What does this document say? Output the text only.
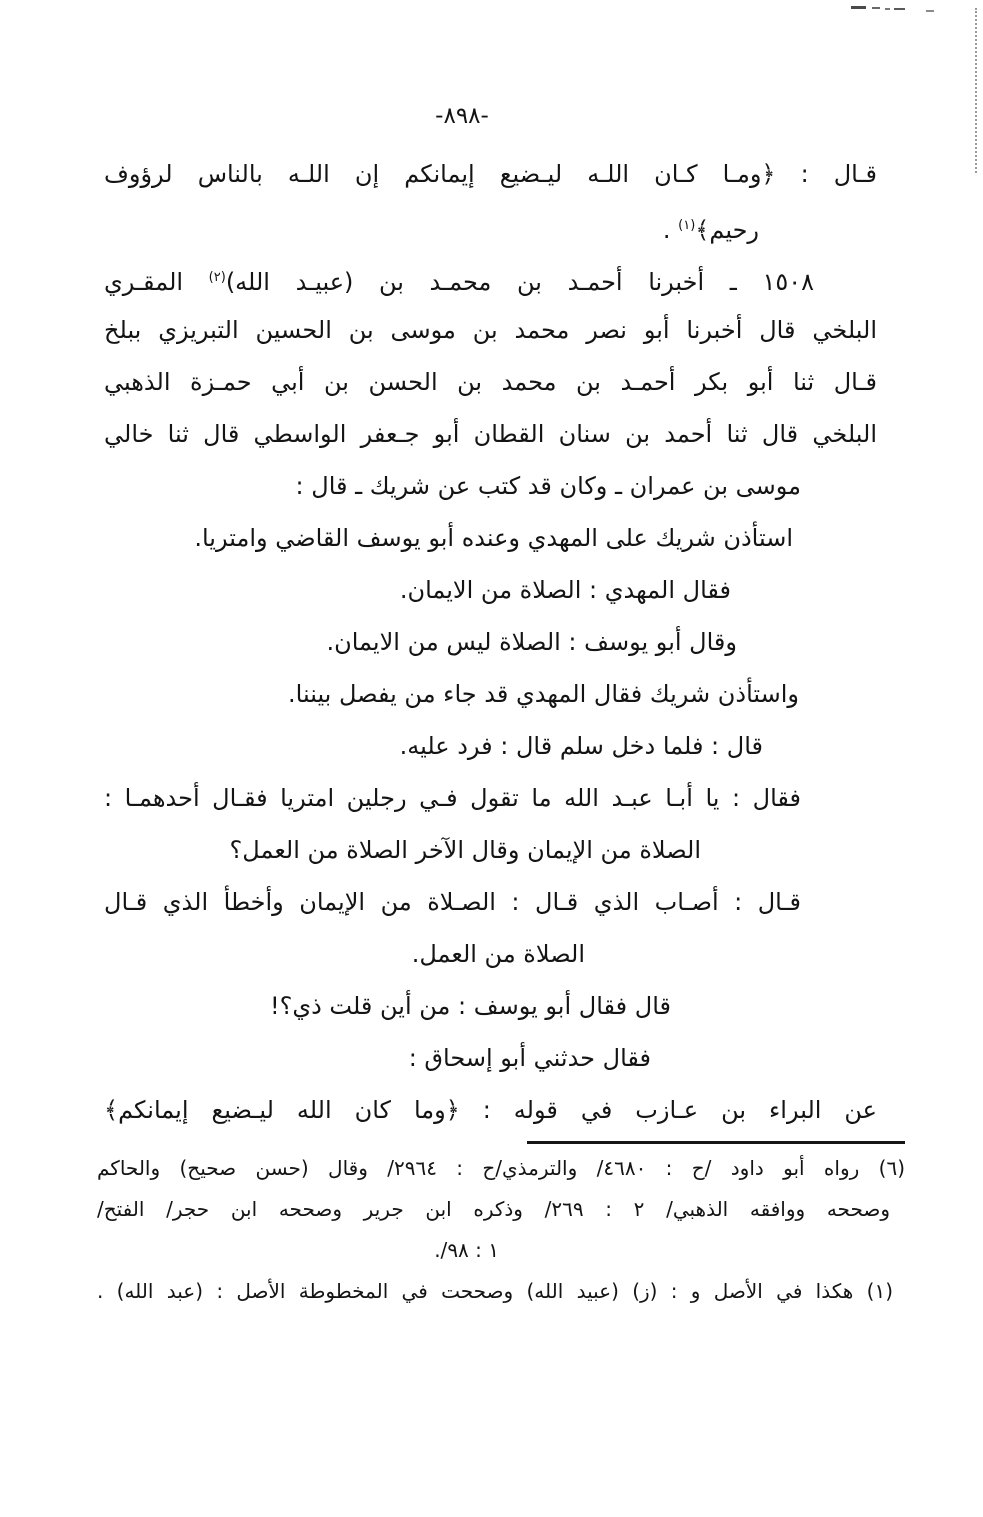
-٨٩٨-
قـال : ﴿ومـا كـان اللـه ليـضيع إيمانكم إن اللـه بالناس لرؤوف
رحيم﴾$^{(١)}$ .
١٥٠٨ ـ أخبرنا أحمـد بن محمـد بن (عبيـد الله)$^{(٢)}$ المقـري
البلخي قال أخبرنا أبو نصر محمد بن موسى بن الحسين التبريزي ببلخ
قـال ثنا أبو بكر أحمـد بن محمد بن الحسن بن أبي حمـزة الذهبي
البلخي قال ثنا أحمد بن سنان القطان أبو جـعفر الواسطي قال ثنا خالي
موسى بن عمران ـ وكان قد كتب عن شريك ـ قال :
استأذن شريك على المهدي وعنده أبو يوسف القاضي وامتريا.
فقال المهدي : الصلاة من الايمان.
وقال أبو يوسف : الصلاة ليس من الايمان.
واستأذن شريك فقال المهدي قد جاء من يفصل بيننا.
قال : فلما دخل سلم قال : فرد عليه.
فقال : يا أبـا عبـد الله ما تقول فـي رجلين امتريا فقـال أحدهمـا :
الصلاة من الإيمان وقال الآخر الصلاة من العمل؟
قـال : أصـاب الذي قـال : الصـلاة من الإيمان وأخطأ الذي قـال
الصلاة من العمل.
قال فقال أبو يوسف : من أين قلت ذي؟!
فقال حدثني أبو إسحاق :
عن البراء بن عـازب في قوله : ﴿وما كان الله ليـضيع إيمانكم﴾
(٦) رواه أبو داود /ح : ٤٦٨٠/ والترمذي/ح : ٢٩٦٤/ وقال (حسن صحيح) والحاكم
وصححه ووافقه الذهبي/ ٢ : ٢٦٩/ وذكره ابن جرير وصححه ابن حجر/ الفتح/
١ : ٩٨/.
(١) هكذا في الأصل و : (ز) (عبيد الله) وصححت في المخطوطة الأصل : (عبد الله) .
